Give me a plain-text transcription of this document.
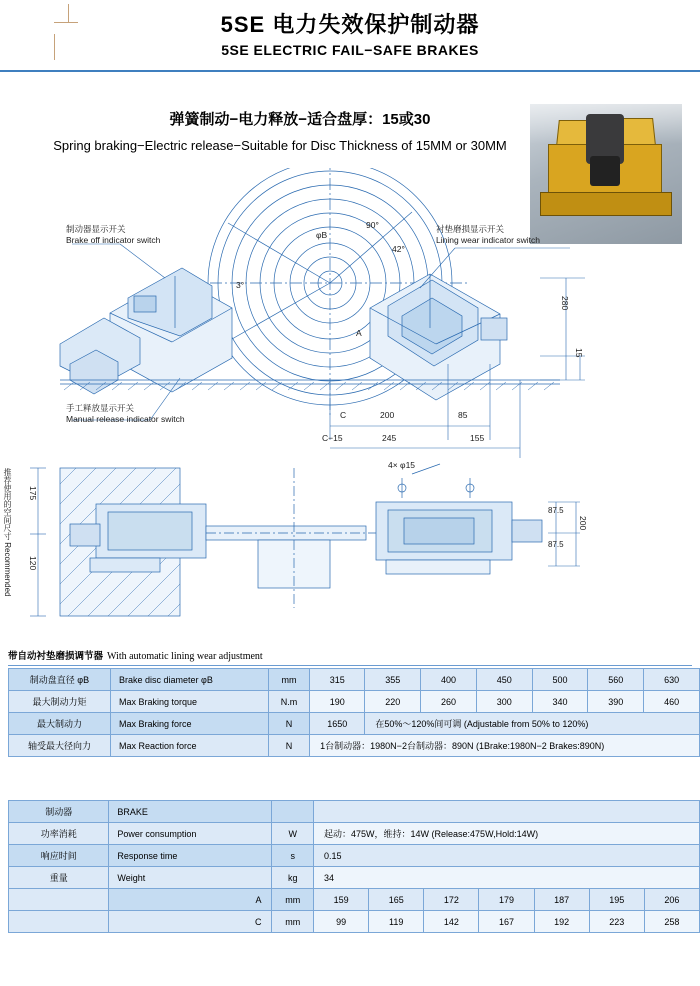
5SE 电力失效保护制动器
5SE ELECTRIC FAIL−SAFE BRAKES
弹簧制动−电力释放−适合盘厚：15或30
Spring braking−Electric release−Suitable for Disc Thickness of 15MM or 30MM
制动器显示开关
Brake off indicator switch
衬垫磨损显示开关
Lining wear indicator switch
手工释放显示开关
Manual release indicator switch
φB
90°
42°
3°
A
280
15
C	200	85
C−15	245	155
4× φ15
175
120
87.5
87.5
200
推荐使用的空间尺寸 Recommended
带自动衬垫磨损调节器 With automatic lining wear adjustment
制动盘直径 φB	Brake disc diameter φB	mm	315	355	400	450	500	560	630
最大制动力矩	Max Braking torque	N.m	190	220	260	300	340	390	460
最大制动力	Max Braking force	N	1650	在50%～120%间可调 (Adjustable from 50% to 120%)					
轴受最大径向力	Max Reaction force	N	1台制动器：1980N−2台制动器：890N (1Brake:1980N−2 Brakes:890N)						
制动器	BRAKE								
功率消耗	Power consumption	W	起动：475W，维持：14W (Release:475W,Hold:14W)						
响应时间	Response time	s	0.15						
重量	Weight	kg	34						
	A	mm	159	165	172	179	187	195	206
	C	mm	99	119	142	167	192	223	258
